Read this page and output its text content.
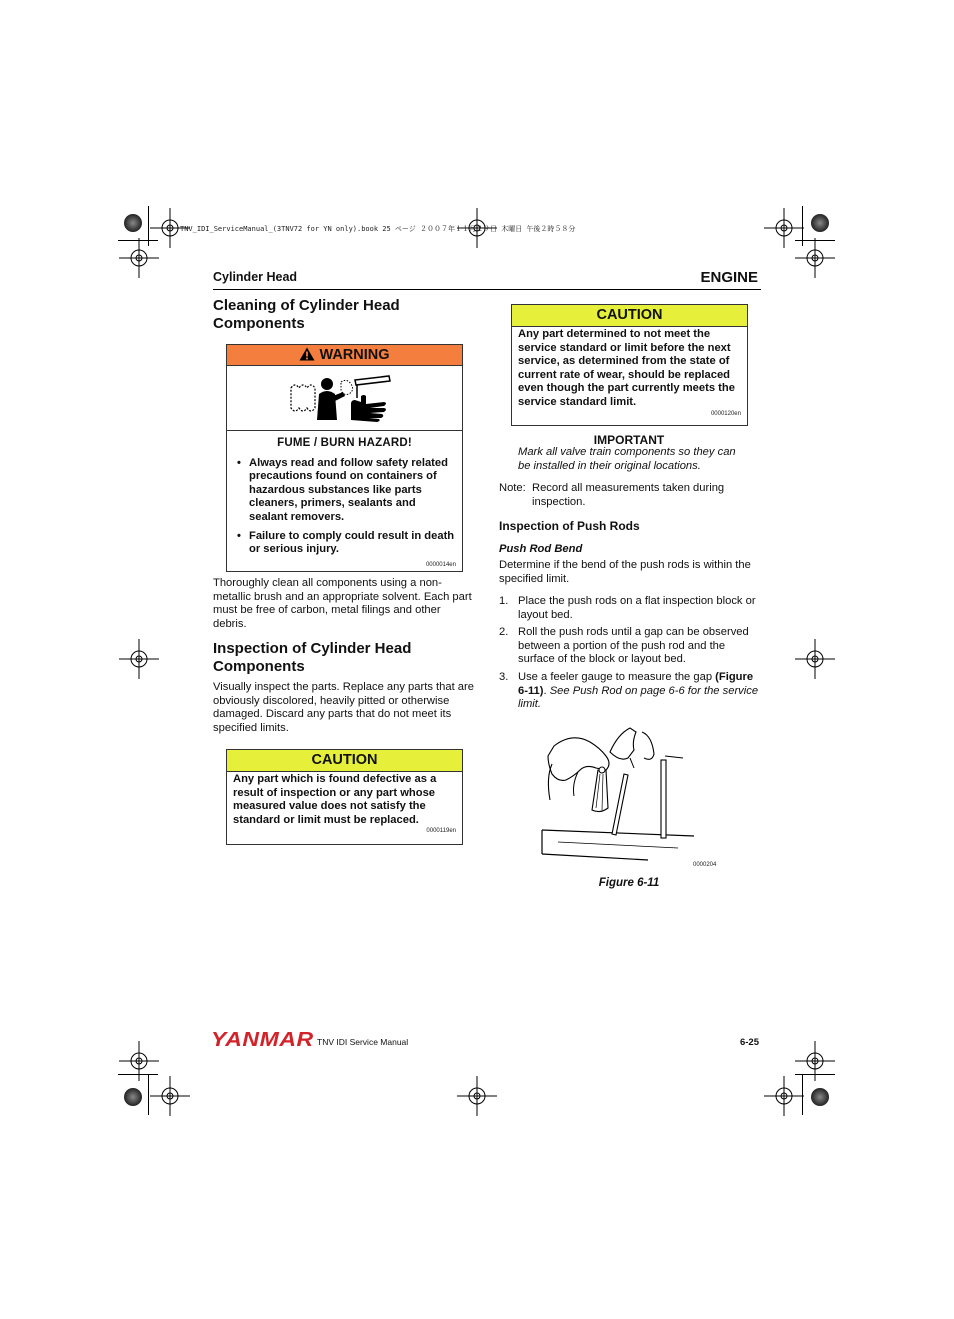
TNV_IDI_ServiceManual_(3TNV72 for YN only).book 25 ページ ２００７年１１月２９日 木曜日 午後２時５８分
Cylinder Head	ENGINE
Cleaning of Cylinder Head Components
WARNING
FUME / BURN HAZARD!
• Always read and follow safety related precautions found on containers of hazardous substances like parts cleaners, primers, sealants and sealant removers.
• Failure to comply could result in death or serious injury.
0000014en

Thoroughly clean all components using a non-metallic brush and an appropriate solvent. Each part must be free of carbon, metal filings and other debris.

Inspection of Cylinder Head Components

Visually inspect the parts. Replace any parts that are obviously discolored, heavily pitted or otherwise damaged. Discard any parts that do not meet its specified limits.

CAUTION

Any part which is found defective as a result of inspection or any part whose measured value does not satisfy the standard or limit must be replaced.

0000119en
CAUTION

Any part determined to not meet the service standard or limit before the next service, as determined from the state of current rate of wear, should be replaced even though the part currently meets the service standard limit.

0000120en
IMPORTANT

Mark all valve train components so they can be installed in their original locations.

Note: Record all measurements taken during inspection.

Inspection of Push Rods
Push Rod Bend

Determine if the bend of the push rods is within the specified limit.

1. Place the push rods on a flat inspection block or layout bed.
2. Roll the push rods until a gap can be observed between a portion of the push rod and the surface of the block or layout bed.
3. Use a feeler gauge to measure the gap (Figure 6-11). See Push Rod on page 6-6 for the service limit.
0000204
Figure 6-11
YANMAR TNV IDI Service Manual	6-25
